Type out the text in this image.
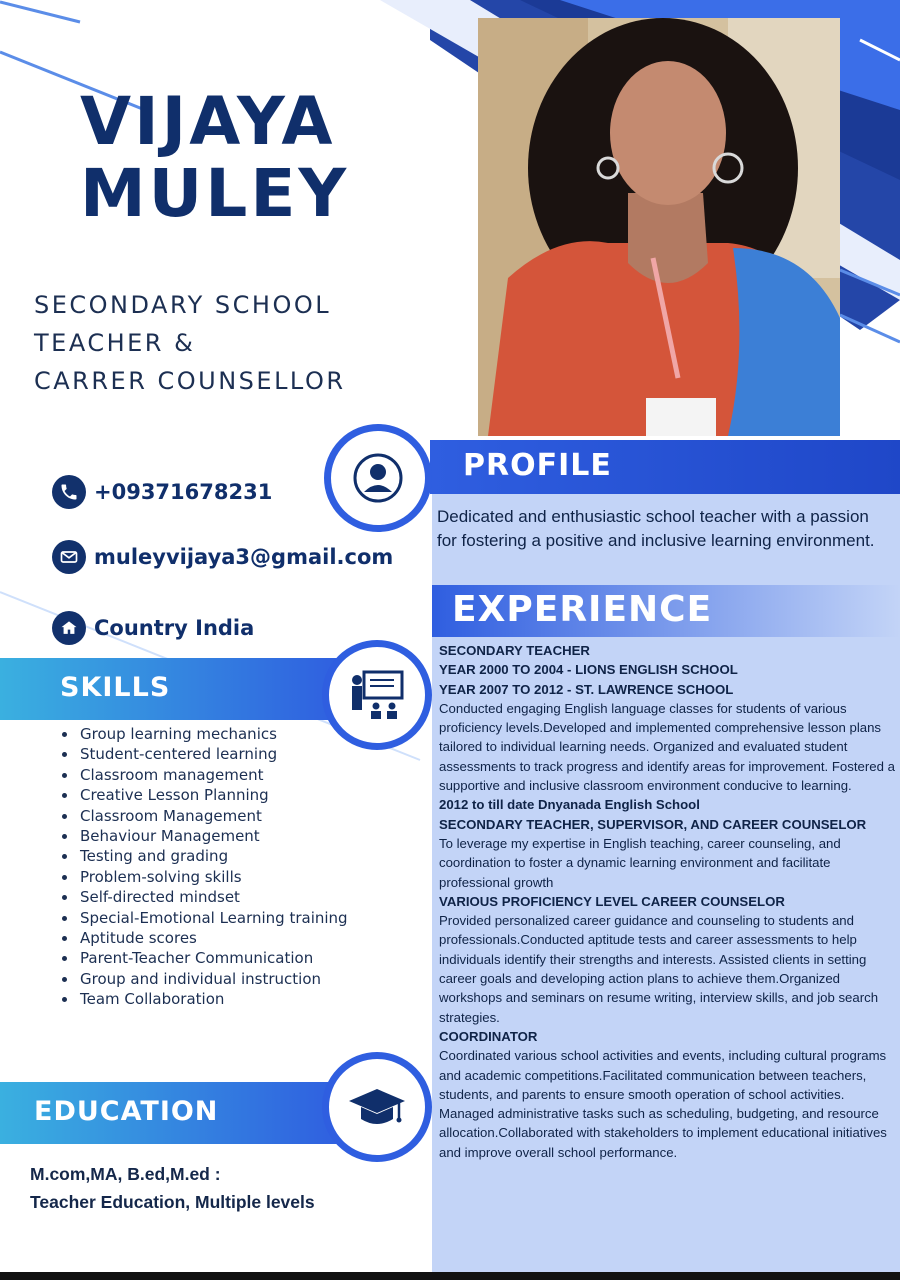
VIJAYA
MULEY
SECONDARY SCHOOL
TEACHER &
CARRER COUNSELLOR
+09371678231
muleyvijaya3@gmail.com
Country India
PROFILE
Dedicated and enthusiastic school teacher with a passion for fostering a positive and inclusive learning environment.
EXPERIENCE
SECONDARY TEACHER
YEAR 2000 TO 2004 - LIONS ENGLISH SCHOOL
YEAR 2007 TO 2012 - ST. LAWRENCE SCHOOL
Conducted engaging English language classes for students of various proficiency levels.Developed and implemented comprehensive lesson plans tailored to individual learning needs. Organized and evaluated student assessments to track progress and identify areas for improvement. Fostered a supportive and inclusive classroom environment conducive to learning.
2012 to till date Dnyanada English School
SECONDARY TEACHER, SUPERVISOR, AND CAREER COUNSELOR
To leverage my expertise in English teaching, career counseling, and coordination to foster a dynamic learning environment and facilitate professional growth
VARIOUS PROFICIENCY LEVEL CAREER COUNSELOR
Provided personalized career guidance and counseling to students and professionals.Conducted aptitude tests and career assessments to help individuals identify their strengths and interests. Assisted clients in setting career goals and developing action plans to achieve them.Organized workshops and seminars on resume writing, interview skills, and job search strategies.
COORDINATOR
Coordinated various school activities and events, including cultural programs and academic competitions.Facilitated communication between teachers, students, and parents to ensure smooth operation of school activities. Managed administrative tasks such as scheduling, budgeting, and resource allocation.Collaborated with stakeholders to implement educational initiatives and improve overall school performance.
SKILLS
• Group learning mechanics
• Student-centered learning
• Classroom management
• Creative Lesson Planning
• Classroom Management
• Behaviour Management
• Testing and grading
• Problem-solving skills
• Self-directed mindset
• Special-Emotional Learning training
• Aptitude scores
• Parent-Teacher Communication
• Group and individual instruction
• Team Collaboration
EDUCATION
M.com,MA, B.ed,M.ed :
Teacher Education, Multiple levels
